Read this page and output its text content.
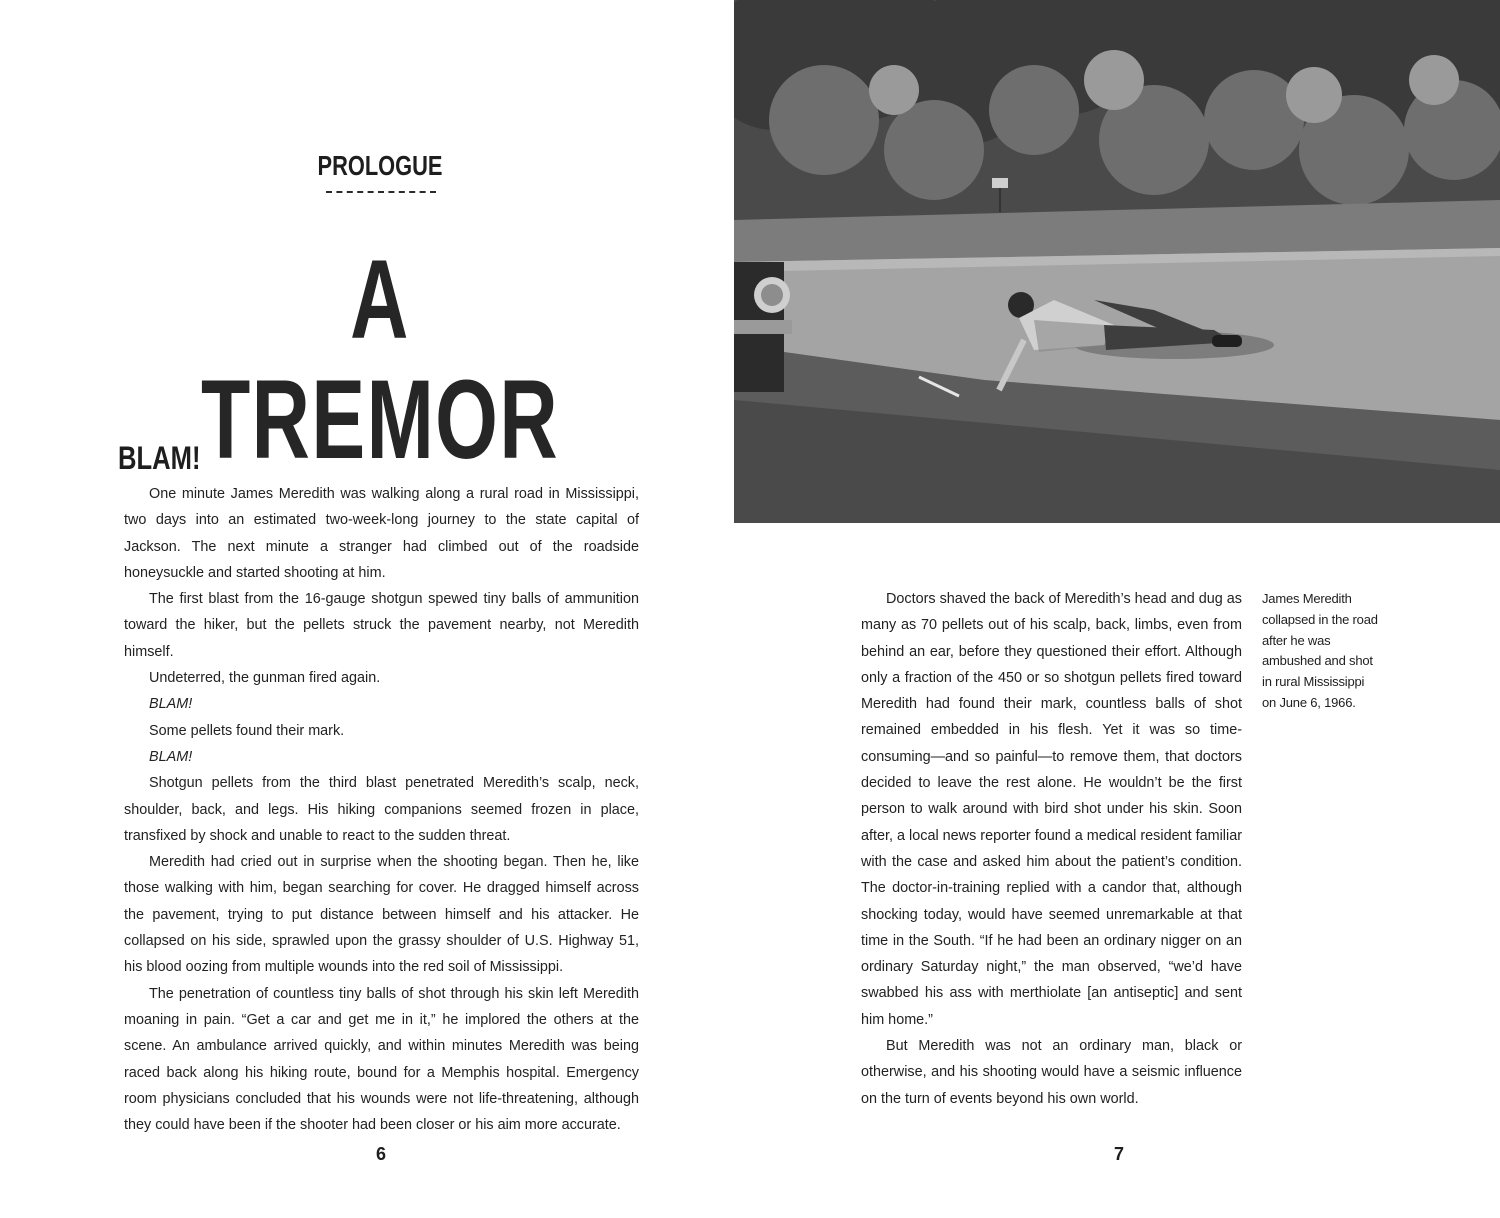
PROLOGUE
A TREMOR
BLAM!

One minute James Meredith was walking along a rural road in Mississippi, two days into an estimated two-week-long journey to the state capital of Jackson. The next minute a stranger had climbed out of the roadside honeysuckle and started shooting at him.

The first blast from the 16-gauge shotgun spewed tiny balls of ammunition toward the hiker, but the pellets struck the pavement nearby, not Meredith himself.

Undeterred, the gunman fired again.

BLAM!

Some pellets found their mark.

BLAM!

Shotgun pellets from the third blast penetrated Meredith’s scalp, neck, shoulder, back, and legs. His hiking companions seemed frozen in place, transfixed by shock and unable to react to the sudden threat.

Meredith had cried out in surprise when the shooting began. Then he, like those walking with him, began searching for cover. He dragged himself across the pavement, trying to put distance between himself and his attacker. He collapsed on his side, sprawled upon the grassy shoulder of U.S. Highway 51, his blood oozing from multiple wounds into the red soil of Mississippi.

The penetration of countless tiny balls of shot through his skin left Meredith moaning in pain. “Get a car and get me in it,” he implored the others at the scene. An ambulance arrived quickly, and within minutes Meredith was being raced back along his hiking route, bound for a Memphis hospital. Emergency room physicians concluded that his wounds were not life-threatening, although they could have been if the shooter had been closer or his aim more accurate.

6

Doctors shaved the back of Meredith’s head and dug as many as 70 pellets out of his scalp, back, limbs, even from behind an ear, before they questioned their effort. Although only a fraction of the 450 or so shotgun pellets fired toward Meredith had found their mark, countless balls of shot remained embedded in his flesh. Yet it was so time-consuming—and so painful—to remove them, that doctors decided to leave the rest alone. He wouldn’t be the first person to walk around with bird shot under his skin. Soon after, a local news reporter found a medical resident familiar with the case and asked him about the patient’s condition. The doctor-in-training replied with a candor that, although shocking today, would have seemed unremarkable at that time in the South. “If he had been an ordinary nigger on an ordinary Saturday night,” the man observed, “we’d have swabbed his ass with merthiolate [an antiseptic] and sent him home.”

But Meredith was not an ordinary man, black or otherwise, and his shooting would have a seismic influence on the turn of events beyond his own world.

James Meredith collapsed in the road after he was ambushed and shot in rural Mississippi on June 6, 1966.
7
